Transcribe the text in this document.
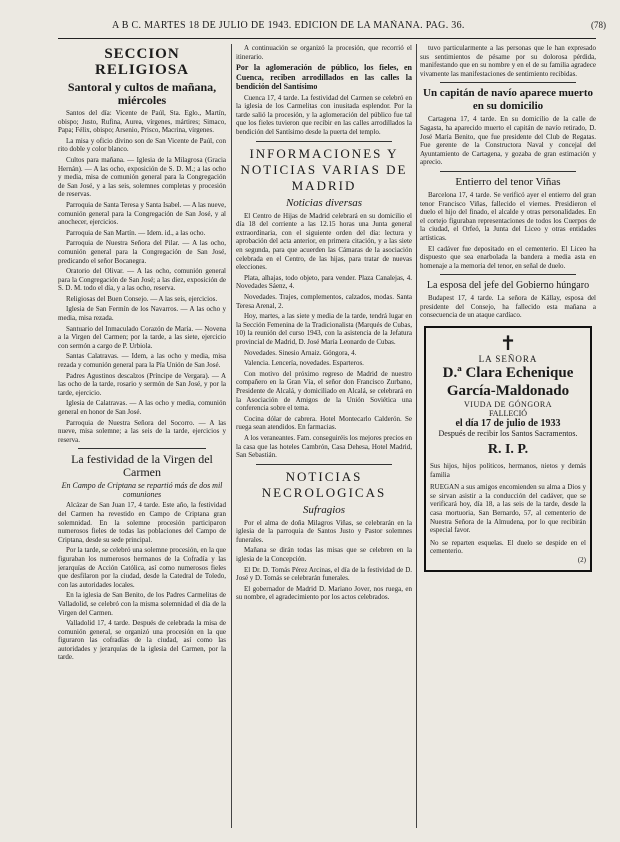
A B C. MARTES 18 DE JULIO DE 1943. EDICIÓN DE LA MAÑANA. PAG. 36.	(78)
SECCION RELIGIOSA
Santoral y cultos de mañana, miércoles
Santos del día: Vicente de Paúl, Sta. Eglo., Martín, obispo; Justo, Rufina, Aurea, vírgenes, mártires; Simaco, Papa; Félix, obispo; Arsenio, Prisco, Macrina, vírgenes.
La misa y oficio divino son de San Vicente de Paúl, con rito doble y color blanco.
Cultos para mañana. — Iglesia de la Milagrosa (Gracia Hernán). — A las ocho, exposición de S. D. M.; a las ocho y media, misa de comunión general para la Congregación de San José, y a las seis, solemnes completas y procesión de reservas.
Parroquia de Santa Teresa y Santa Isabel. — A las nueve, comunión general para la Congregación de San José, y al anochecer, ejercicios.
Parroquia de San Martín. — Idem. id., a las ocho.
Parroquia de Nuestra Señora del Pilar. — A las ocho, comunión general para la Congregación de San José, predicando el señor Bocanegra.
Oratorio del Olivar. — A las ocho, comunión general para la Congregación de San José; a las diez, exposición de S. D. M. todo el día, y a las ocho, reserva.
Religiosas del Buen Consejo. — A las seis, ejercicios.
Iglesia de San Fermín de los Navarros. — A las ocho y media, misa rezada.
Santuario del Inmaculado Corazón de María. — Novena a la Virgen del Carmen; por la tarde, a las siete, ejercicio con sermón a cargo de P. Urbiola.
Santas Calatravas. — Idem, a las ocho y media, misa rezada y comunión general para la Pía Unión de San José.
Padres Agustinos descalzos (Príncipe de Vergara). — A las ocho de la tarde, rosario y sermón de San José, y por la tarde, ejercicio.
Iglesia de Calatravas. — A las ocho y media, comunión general en honor de San José.
Parroquia de Nuestra Señora del Socorro. — A las nueve, misa solemne; a las seis de la tarde, ejercicios y reserva.
La festividad de la Virgen del Carmen
En Campo de Criptana se repartió más de dos mil comuniones
Alcázar de San Juan 17, 4 tarde. Este año, la festividad del Carmen ha revestido en Campo de Criptana gran solemnidad. En la solemne procesión participaron numerosos fieles de todas las poblaciones del Campo de Criptana, desde su sede principal.
Por la tarde, se celebró una solemne procesión, en la que figuraban los numerosos hermanos de la Cofradía y las jerarquías de Acción Católica, así como numerosos fieles que desfilaron por la ciudad, desde la Catedral de Toledo, con las autoridades locales.
En la iglesia de San Benito, de los Padres Carmelitas de Valladolid, se celebró con la misma solemnidad el día de la Virgen del Carmen.
Valladolid 17, 4 tarde. Después de celebrada la misa de comunión general, se organizó una procesión en la que figuraron las cofradías de la ciudad, así como las autoridades y jerarquías de la iglesia del Carmen, por la tarde.
A continuación se organizó la procesión, que recorrió el itinerario.
Por la aglomeración de público, los fieles, en Cuenca, reciben arrodillados en las calles la bendición del Santísimo
Cuenca 17, 4 tarde. La festividad del Carmen se celebró en la iglesia de los Carmelitas con inusitada esplendor. Por la tarde salió la procesión, y la aglomeración del público fue tal que los fieles tuvieron que recibir en las calles arrodillados la bendición del Santísimo desde la puerta del templo.
INFORMACIONES Y NOTICIAS VARIAS DE MADRID
Noticias diversas
El Centro de Hijas de Madrid celebrará en su domicilio el día 18 del corriente a las 12.15 horas una Junta general extraordinaria, con el siguiente orden del día: lectura y aprobación del acta anterior, en primera citación, y a las siete en segunda, para que acuerden las Cámaras de la asociación celebrada en el Centro, de las hijas, para tratar de nuevas elecciones.
Plata, alhajas, todo objeto, para vender. Plaza Canalejas, 4. Novedades Sáenz, 4.
Novedades. Trajes, complementos, calzados, modas. Santa Teresa Arenal, 2.
Hoy, martes, a las siete y media de la tarde, tendrá lugar en la Sección Femenina de la Tradicionalista (Marqués de Cubas, 10) la reunión del curso 1943, con la asistencia de la Jefatura provincial de Madrid, D. José María Leonardo de Cubas.
Novedades. Sinesio Arnaiz. Góngora, 4.
Valencia. Lencería, novedades. Esparteros.
Con motivo del próximo regreso de Madrid de nuestro compañero en la Gran Vía, el señor don Francisco Zurbano, Presidente de Alcalá, y domiciliado en Alcalá, se celebrará en la Asociación de Amigos de la Unión Soviética una conferencia sobre el tema.
Cocina dólar de cabrera. Hotel Montecarlo Calderón. Se ruega sean atendidos. En farmacias.
A los veraneantes. Fam. conseguiréis los mejores precios en la casa que las hoteles Cambrón, Casa Dehesa, Hotel Madrid, San Sebastián.
NOTICIAS NECROLOGICAS
Sufragios
Por el alma de doña Milagros Viñas, se celebrarán en la iglesia de la parroquia de Santos Justo y Pastor solemnes funerales.
Mañana se dirán todas las misas que se celebren en la iglesia de la Concepción.
El Dr. D. Tomás Pérez Arcinas, el día de la festividad de D. José y D. Tomás se celebrarán funerales.
El gobernador de Madrid D. Mariano Jover, nos ruega, en su nombre, el agradecimiento por los actos celebrados.
tuvo particularmente a las personas que le han expresado sus sentimientos de pésame por su dolorosa pérdida, manifestando que en su nombre y en el de su familia agradece vivamente las manifestaciones de sentimiento recibidas.
Un capitán de navío aparece muerto en su domicilio
Cartagena 17, 4 tarde. En su domicilio de la calle de Sagasta, ha aparecido muerto el capitán de navío retirado, D. José María Benito, que fue presidente del Club de Regatas. Fue gerente de la Constructora Naval y concejal del Ayuntamiento de Cartagena, y gozaba de gran estimación y aprecio.
Entierro del tenor Viñas
Barcelona 17, 4 tarde. Se verificó ayer el entierro del gran tenor Francisco Viñas, fallecido el viernes. Presidieron el duelo el hijo del finado, el alcalde y otras personalidades. En el cortejo figuraban representaciones de todos los Cuerpos de la ciudad, el Orfeó, la Junta del Liceo y otras entidades artísticas.
El cadáver fue depositado en el cementerio. El Liceo ha dispuesto que sea enarbolada la bandera a media asta en homenaje a la memoria del tenor, en señal de duelo.
La esposa del jefe del Gobierno húngaro
Budapest 17, 4 tarde. La señora de Kállay, esposa del presidente del Consejo, ha fallecido esta mañana a consecuencia de un ataque cardíaco.
✝
LA SEÑORA
D.ª Clara Echenique García-Maldonado
VIUDA DE GÓNGORA
FALLECIÓ
el día 17 de julio de 1933
Después de recibir los Santos Sacramentos.
R. I. P.
Sus hijos, hijos políticos, hermanos, nietos y demás familia
RUEGAN a sus amigos encomienden su alma a Dios y se sirvan asistir a la conducción del cadáver, que se verificará hoy, día 18, a las seis de la tarde, desde la casa mortuoria, San Bernardo, 57, al cementerio de Nuestra Señora de la Almudena, por lo que recibirán especial favor.
No se reparten esquelas. El duelo se despide en el cementerio.
(2)
